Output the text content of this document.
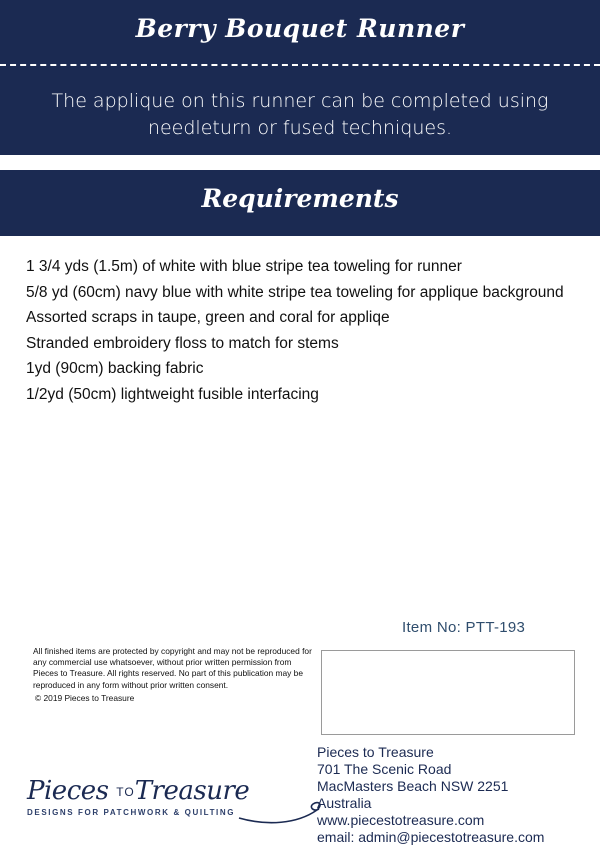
Berry Bouquet Runner
The applique on this runner can be completed using needleturn or fused techniques.
Requirements
1 3/4 yds (1.5m) of white with blue stripe tea toweling for runner
5/8 yd (60cm) navy blue with white stripe tea toweling for applique background
Assorted scraps in taupe, green and coral for appliqe
Stranded embroidery floss to match for stems
1yd (90cm) backing fabric
1/2yd (50cm) lightweight fusible interfacing
Item No: PTT-193
All finished items are protected by copyright and may not be reproduced for any commercial use whatsoever, without prior written permission from Pieces to Treasure. All rights reserved. No part of this publication may be reproduced in any form without prior written consent.
© 2019 Pieces to Treasure
Pieces to Treasure
701 The Scenic Road
MacMasters Beach NSW 2251
Australia
www.piecestotreasure.com
email: admin@piecestotreasure.com
Pieces TOTreasure
DESIGNS FOR PATCHWORK & QUILTING
